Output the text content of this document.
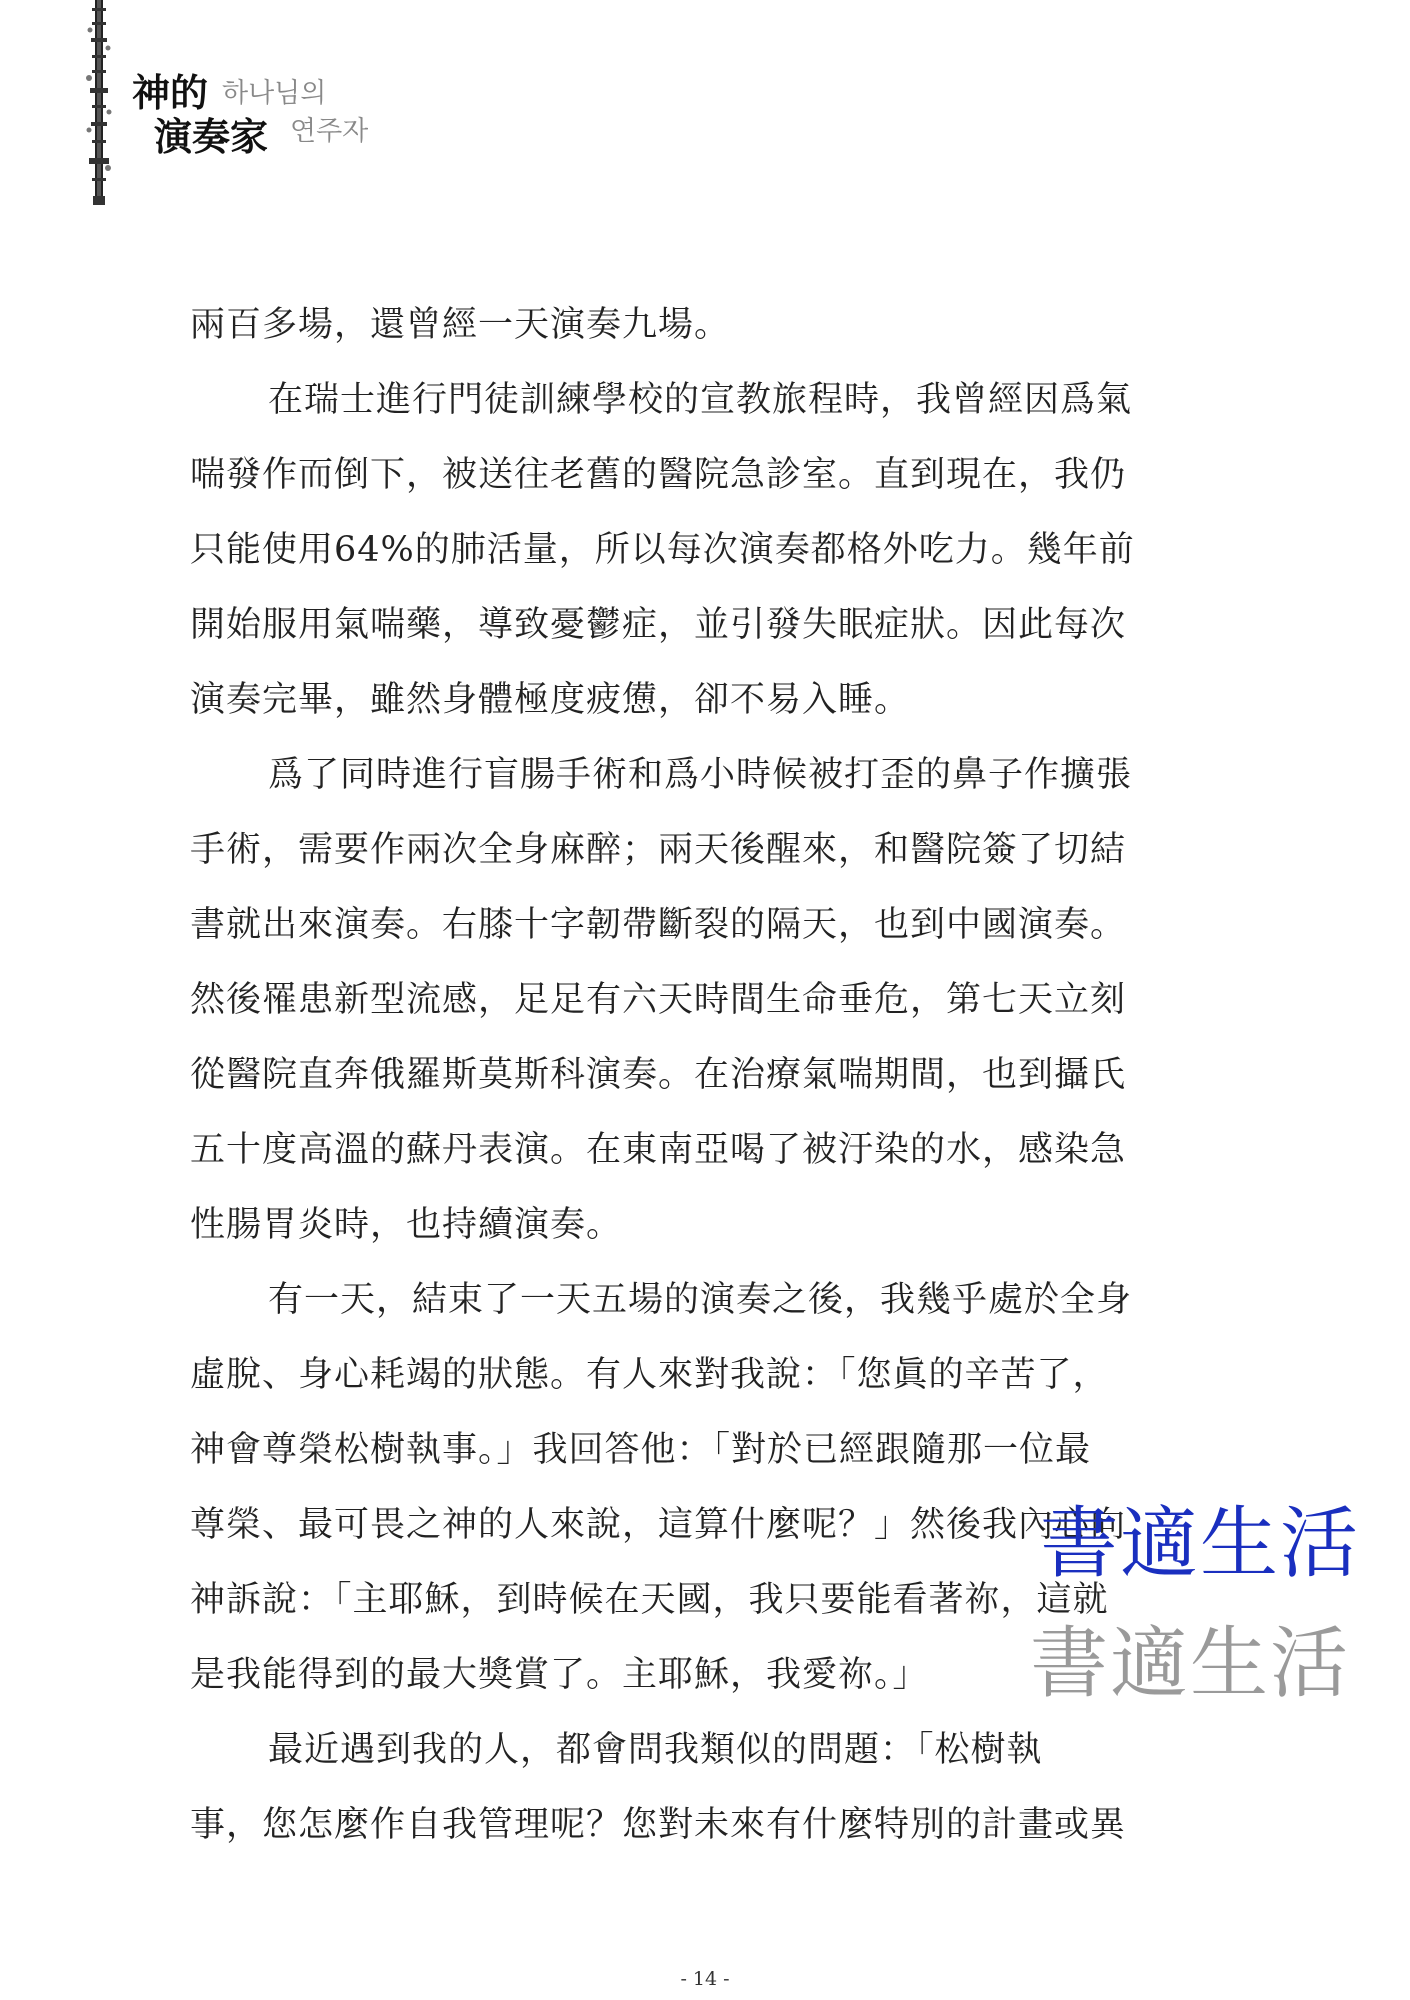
神的
演奏家
하나님의
연주자
兩百多場，還曾經一天演奏九場。
在瑞士進行門徒訓練學校的宣教旅程時，我曾經因爲氣
喘發作而倒下，被送往老舊的醫院急診室。直到現在，我仍
只能使用64%的肺活量，所以每次演奏都格外吃力。幾年前
開始服用氣喘藥，導致憂鬱症，並引發失眠症狀。因此每次
演奏完畢，雖然身體極度疲憊，卻不易入睡。
爲了同時進行盲腸手術和爲小時候被打歪的鼻子作擴張
手術，需要作兩次全身麻醉；兩天後醒來，和醫院簽了切結
書就出來演奏。右膝十字韌帶斷裂的隔天，也到中國演奏。
然後罹患新型流感，足足有六天時間生命垂危，第七天立刻
從醫院直奔俄羅斯莫斯科演奏。在治療氣喘期間，也到攝氏
五十度高溫的蘇丹表演。在東南亞喝了被汙染的水，感染急
性腸胃炎時，也持續演奏。
有一天，結束了一天五場的演奏之後，我幾乎處於全身
虛脫、身心耗竭的狀態。有人來對我說：「您眞的辛苦了，
神會尊榮松樹執事。」我回答他：「對於已經跟隨那一位最
尊榮、最可畏之神的人來說，這算什麼呢？」然後我內心向
神訴說：「主耶穌，到時候在天國，我只要能看著祢，這就
是我能得到的最大獎賞了。主耶穌，我愛祢。」
最近遇到我的人，都會問我類似的問題：「松樹執
事，您怎麼作自我管理呢？您對未來有什麼特別的計畫或異
書適生活
書適生活
- 14 -
